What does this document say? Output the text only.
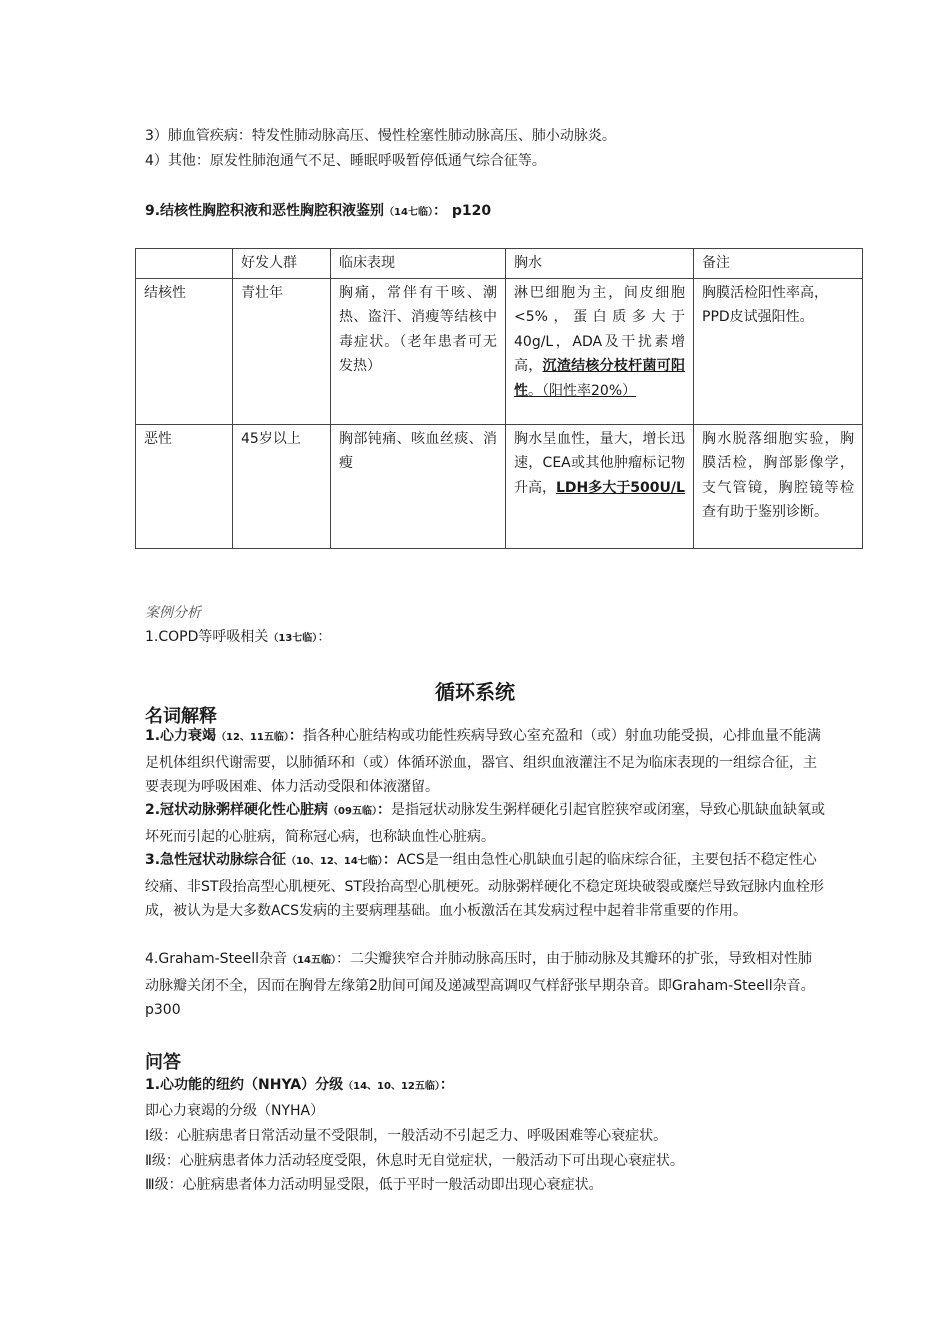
3）肺血管疾病：特发性肺动脉高压、慢性栓塞性肺动脉高压、肺小动脉炎。
4）其他：原发性肺泡通气不足、睡眠呼吸暂停低通气综合征等。
9.结核性胸腔积液和恶性胸腔积液鉴别（14七临）： p120
	好发人群	临床表现	胸水	备注
结核性	青壮年	胸痛，常伴有干咳、潮热、盗汗、消瘦等结核中毒症状。（老年患者可无发热）	淋巴细胞为主，间皮细胞<5%，蛋白质多大于40g/L，ADA及干扰素增高，沉渣结核分枝杆菌可阳性。（阳性率20%）	胸膜活检阳性率高，PPD皮试强阳性。
恶性	45岁以上	胸部钝痛、咳血丝痰、消瘦	胸水呈血性，量大，增长迅速，CEA或其他肿瘤标记物升高，LDH多大于500U/L	胸水脱落细胞实验，胸膜活检，胸部影像学，支气管镜，胸腔镜等检查有助于鉴别诊断。
案例分析
1.COPD等呼吸相关（13七临）：
循环系统
名词解释
1.心力衰竭（12、11五临）：指各种心脏结构或功能性疾病导致心室充盈和（或）射血功能受损，心排血量不能满足机体组织代谢需要，以肺循环和（或）体循环淤血，器官、组织血液灌注不足为临床表现的一组综合征，主要表现为呼吸困难、体力活动受限和体液潴留。
2.冠状动脉粥样硬化性心脏病（09五临）：是指冠状动脉发生粥样硬化引起官腔狭窄或闭塞，导致心肌缺血缺氧或坏死而引起的心脏病，简称冠心病，也称缺血性心脏病。
3.急性冠状动脉综合征（10、12、14七临）：ACS是一组由急性心肌缺血引起的临床综合征，主要包括不稳定性心绞痛、非ST段抬高型心肌梗死、ST段抬高型心肌梗死。动脉粥样硬化不稳定斑块破裂或糜烂导致冠脉内血栓形成，被认为是大多数ACS发病的主要病理基础。血小板激活在其发病过程中起着非常重要的作用。
4.Graham-Steell杂音（14五临）：二尖瓣狭窄合并肺动脉高压时，由于肺动脉及其瓣环的扩张，导致相对性肺动脉瓣关闭不全，因而在胸骨左缘第2肋间可闻及递减型高调叹气样舒张早期杂音。即Graham-Steell杂音。p300
问答
1.心功能的纽约（NHYA）分级（14、10、12五临）：
即心力衰竭的分级（NYHA）
Ⅰ级：心脏病患者日常活动量不受限制，一般活动不引起乏力、呼吸困难等心衰症状。
Ⅱ级：心脏病患者体力活动轻度受限，休息时无自觉症状，一般活动下可出现心衰症状。
Ⅲ级：心脏病患者体力活动明显受限，低于平时一般活动即出现心衰症状。
